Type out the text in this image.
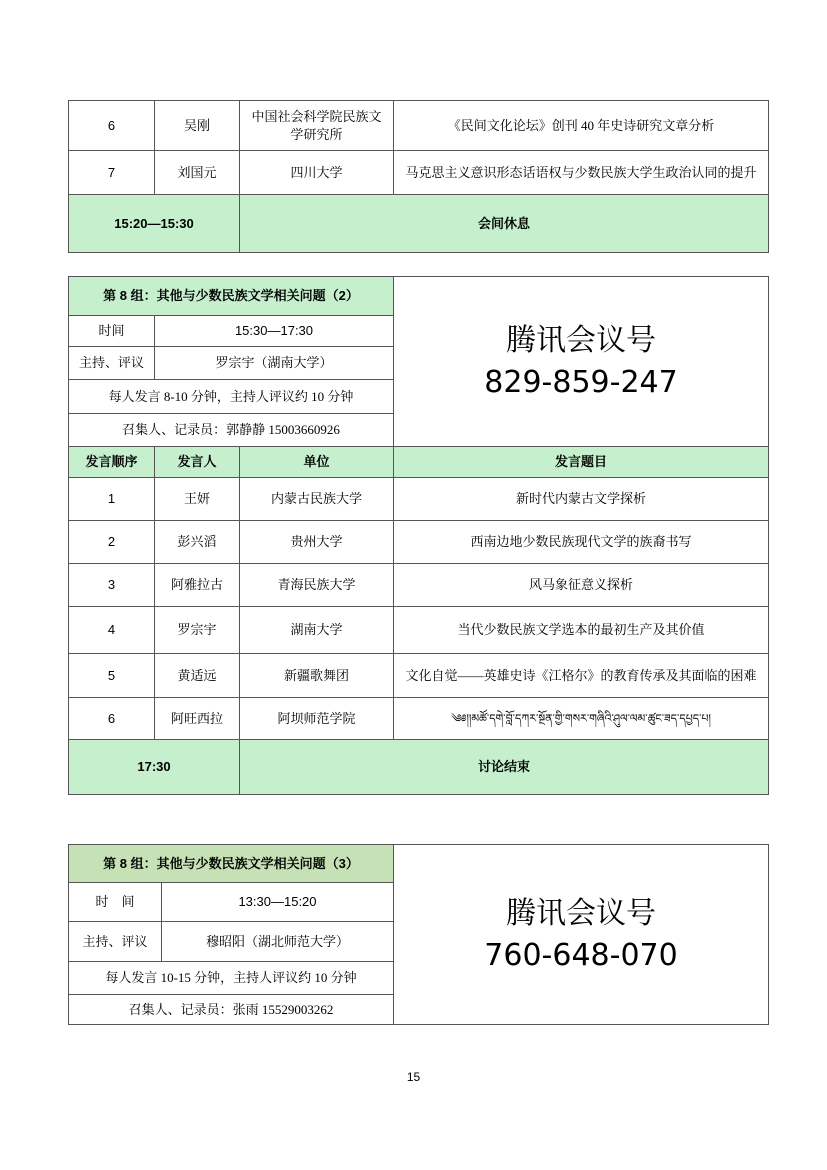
6	吴刚	中国社会科学院民族文学研究所	《民间文化论坛》创刊 40 年史诗研究文章分析
7	刘国元	四川大学	马克思主义意识形态话语权与少数民族大学生政治认同的提升
15:20—15:30		会间休息	
第 8 组：其他与少数民族文学相关问题（2）			腾讯会议号
829-859-247

时间	15:30—17:30		
主持、评议	罗宗宇（湖南大学）		
每人发言 8-10 分钟，主持人评议约 10 分钟			
召集人、记录员：郭静静 15003660926			
发言顺序	发言人	单位	发言题目
1	王妍	内蒙古民族大学	新时代内蒙古文学探析
2	彭兴滔	贵州大学	西南边地少数民族现代文学的族裔书写
3	阿雅拉古	青海民族大学	风马象征意义探析
4	罗宗宇	湖南大学	当代少数民族文学选本的最初生产及其价值
5	黄适远	新疆歌舞团	文化自觉——英雄史诗《江格尔》的教育传承及其面临的困难
6	阿旺西拉	阿坝师范学院	༄༅།།མཚོ་དགེ་བློ་དཀར་སྔོན་གྱི་གསར་གཞིའི་ཤུལ་ལམ་ཚུང་ཟད་དཔྱད་པ།
17:30		讨论结束	
第 8 组：其他与少数民族文学相关问题（3）		腾讯会议号
760-648-070

时　间	13:30—15:20	
主持、评议	穆昭阳（湖北师范大学）	
每人发言 10-15 分钟，主持人评议约 10 分钟		
召集人、记录员：张雨 15529003262		
15
